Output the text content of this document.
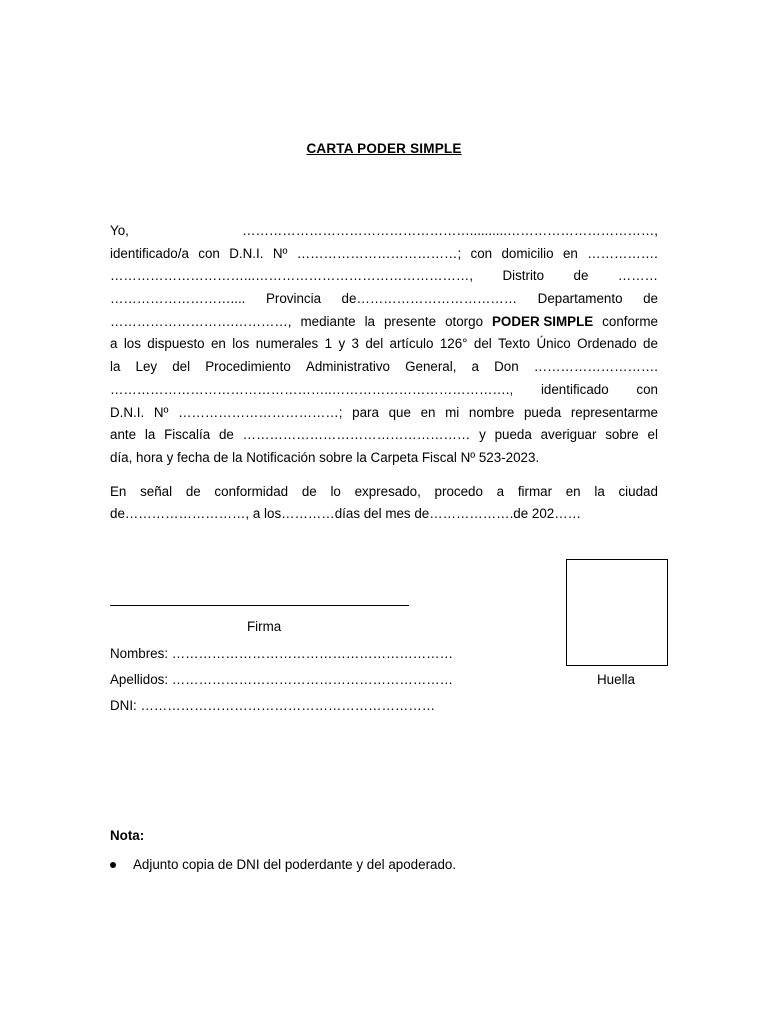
CARTA PODER SIMPLE
Yo,	……………………………………………..........……………………………,
identificado/a con D.N.I. Nº ………………………………; con domicilio en …………….
…………………………...…………………………………………, Distrito de ………
……………………….... Provincia de……………………………… Departamento de
……………………….…………, mediante la presente otorgo PODER SIMPLE conforme
a los dispuesto en los numerales 1 y 3 del artículo 126° del Texto Único Ordenado de
la Ley del Procedimiento Administrativo General, a Don ……………………….
…………………………………………..…………………………………., identificado con
D.N.I. Nº ………………………………; para que en mi nombre pueda representarme
ante la Fiscalía de …………………………………………… y pueda averiguar sobre el
día, hora y fecha de la Notificación sobre la Carpeta Fiscal Nº 523-2023.
En señal de conformidad de lo expresado, procedo a firmar en la ciudad
de………………………, a los…………días del mes de……………….de 202……
Firma
Nombres: ………………………………………………………
Apellidos: ………………………………………………………
DNI: …………………………………………………………
Huella
Nota:
Adjunto copia de DNI del poderdante y del apoderado.
